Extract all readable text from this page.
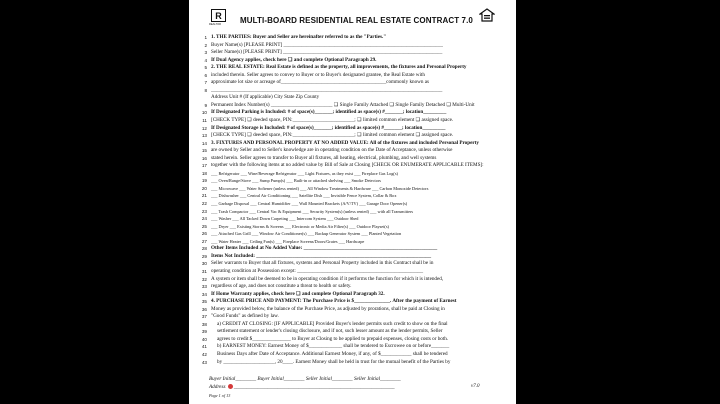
R
REALTOR MULTI-BOARD RESIDENTIAL REAL ESTATE CONTRACT 7.0
1 1. THE PARTIES: Buyer and Seller are hereinafter referred to as the "Parties."
2 Buyer Name(s) [PLEASE PRINT] ______________________________________________________________
3 Seller Name(s) [PLEASE PRINT] ______________________________________________________________
4 If Dual Agency applies, check here ❑ and complete Optional Paragraph 29.
5 2. THE REAL ESTATE: Real Estate is defined as the property, all improvements, the fixtures and Personal Property
6 included therein. Seller agrees to convey to Buyer or to Buyer's designated grantee, the Real Estate with
7 approximate lot size or acreage of_________________________________________commonly known as
8 __________________________________________________________________________________________
Address Unit # (If applicable) City State Zip County
9 Permanent Index Number(s) ________________________ ❑ Single Family Attached ❑ Single Family Detached ❑ Multi-Unit
10 If Designated Parking is Included: # of space(s)_______; identified as space(s) #_______; location_________
11 [CHECK TYPE] ❑ deeded space, PIN:________________________; ❑ limited common element ❑ assigned space.
12 If Designated Storage is Included: # of space(s)_______; identified as space(s) #_______; location_________
13 [CHECK TYPE] ❑ deeded space, PIN:________________________; ❑ limited common element ❑ assigned space.
14 3. FIXTURES AND PERSONAL PROPERTY AT NO ADDED VALUE: All of the fixtures and included Personal Property
15 are owned by Seller and to Seller's knowledge are in operating condition on the Date of Acceptance, unless otherwise
16 stated herein. Seller agrees to transfer to Buyer all fixtures, all heating, electrical, plumbing, and well systems
17 together with the following items at no added value by Bill of Sale at Closing [CHECK OR ENUMERATE APPLICABLE ITEMS]:
18 ___ Refrigerator ___ Wine/Beverage Refrigerator ___ Light Fixtures, as they exist ___ Fireplace Gas Log(s)
19 ___ Oven/Range/Stove ___ Sump Pump(s) ___ Built-in or attached shelving ___ Smoke Detectors
20 ___ Microwave ___ Water Softener (unless rented) ___ All Window Treatments & Hardware ___ Carbon Monoxide Detectors
21 ___ Dishwasher ___ Central Air Conditioning ___ Satellite Dish ___ Invisible Fence System, Collar & Box
22 ___ Garbage Disposal ___ Central Humidifier ___ Wall Mounted Brackets (A/V/TV) ___ Garage Door Opener(s)
23 ___ Trash Compactor ___ Central Vac & Equipment ___ Security System(s) (unless rented) ___ with all Transmitters
24 ___ Washer ___ All Tacked Down Carpeting ___ Intercom System ___ Outdoor Shed
25 ___ Dryer ___ Existing Storms & Screens ___ Electronic or Media Air Filter(s) ___ Outdoor Playset(s)
26 ___ Attached Gas Grill ___ Window Air Conditioner(s) ___ Backup Generator System ___ Planted Vegetation
27 ___ Water Heater ___ Ceiling Fan(s) ___ Fireplace Screens/Doors/Grates ___ Hardscape
28 Other Items Included at No Added Value: ____________________________________________________
29 Items Not Included: ____________________________________________________________________
30 Seller warrants to Buyer that all fixtures, systems and Personal Property included in this Contract shall be in
31 operating condition at Possession except: _________________________________________________
32 A system or item shall be deemed to be in operating condition if it performs the function for which it is intended,
33 regardless of age, and does not constitute a threat to health or safety.
34 If Home Warranty applies, check here ❑ and complete Optional Paragraph 32.
35 4. PURCHASE PRICE AND PAYMENT: The Purchase Price is $______________. After the payment of Earnest
36 Money as provided below, the balance of the Purchase Price, as adjusted by prorations, shall be paid at Closing in
37 "Good Funds" as defined by law.
38 a) CREDIT AT CLOSING: [IF APPLICABLE] Provided Buyer's lender permits such credit to show on the final
39 settlement statement or lender's closing disclosure, and if not, such lesser amount as the lender permits, Seller
40 agrees to credit $_______________ to Buyer at Closing to be applied to prepaid expenses, closing costs or both.
41 b) EARNEST MONEY: Earnest Money of $_____________ shall be tendered to Escrowee on or before_______
42 Business Days after Date of Acceptance. Additional Earnest Money, if any, of $____________ shall be tendered
43 by ____________________, 20____. Earnest Money shall be held in trust for the mutual benefit of the Parties by
Buyer Initial________ Buyer Initial________ Seller Initial________ Seller Initial________
Address ______________________________________________________________	v7.0
Page 1 of 13
